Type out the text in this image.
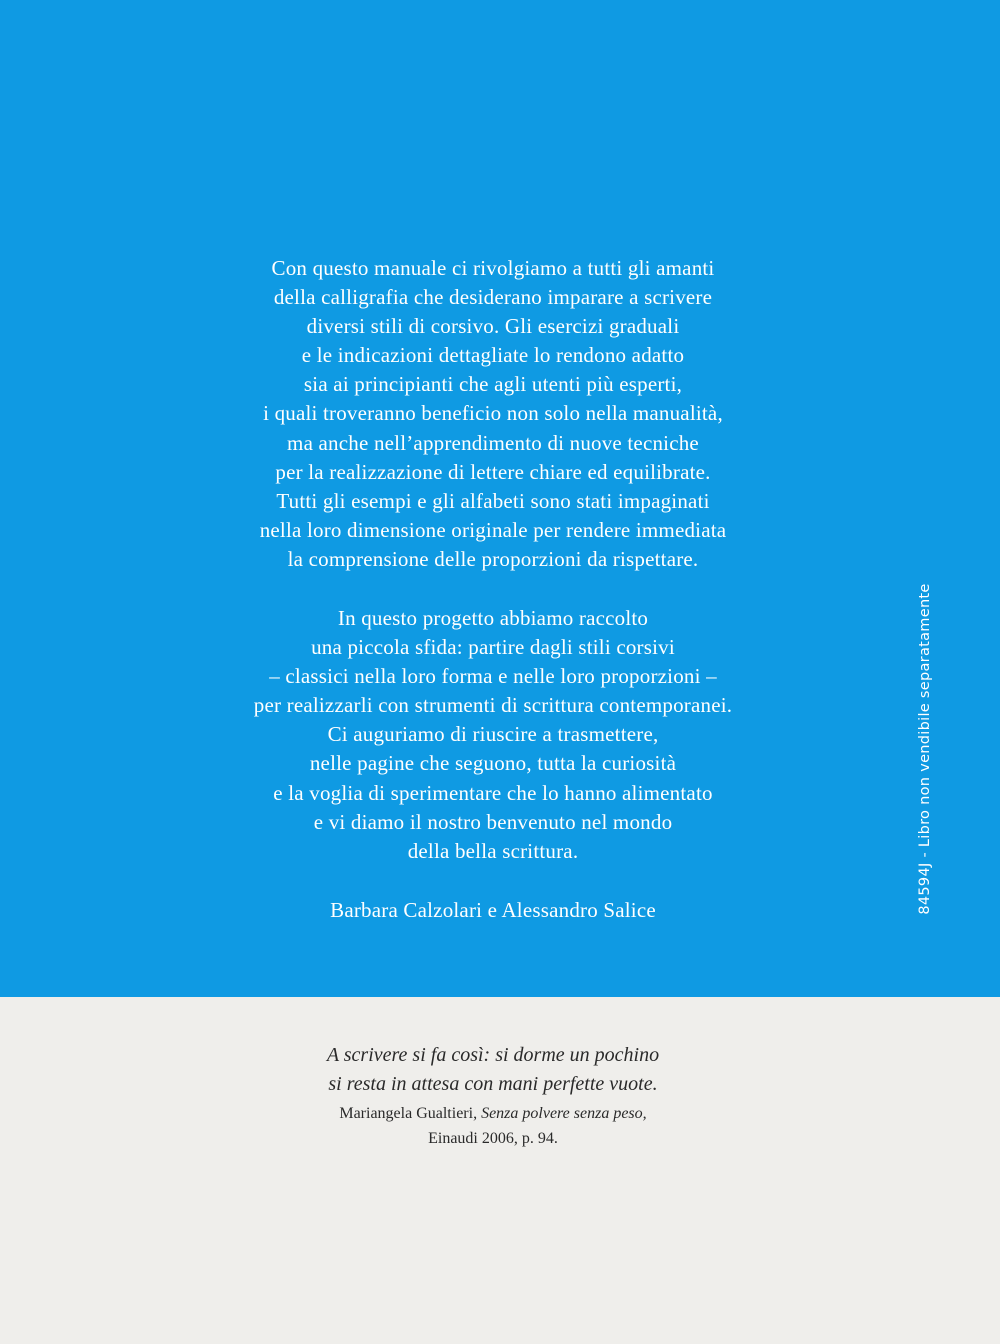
Con questo manuale ci rivolgiamo a tutti gli amanti
della calligrafia che desiderano imparare a scrivere
diversi stili di corsivo. Gli esercizi graduali
e le indicazioni dettagliate lo rendono adatto
sia ai principianti che agli utenti più esperti,
i quali troveranno beneficio non solo nella manualità,
ma anche nell’apprendimento di nuove tecniche
per la realizzazione di lettere chiare ed equilibrate.
Tutti gli esempi e gli alfabeti sono stati impaginati
nella loro dimensione originale per rendere immediata
la comprensione delle proporzioni da rispettare.
In questo progetto abbiamo raccolto
una piccola sfida: partire dagli stili corsivi
– classici nella loro forma e nelle loro proporzioni –
per realizzarli con strumenti di scrittura contemporanei.
Ci auguriamo di riuscire a trasmettere,
nelle pagine che seguono, tutta la curiosità
e la voglia di sperimentare che lo hanno alimentato
e vi diamo il nostro benvenuto nel mondo
della bella scrittura.
Barbara Calzolari e Alessandro Salice	84594J - Libro non vendibile separatamente
A scrivere si fa così: si dorme un pochino
si resta in attesa con mani perfette vuote.
Mariangela Gualtieri, Senza polvere senza peso,
Einaudi 2006, p. 94.
